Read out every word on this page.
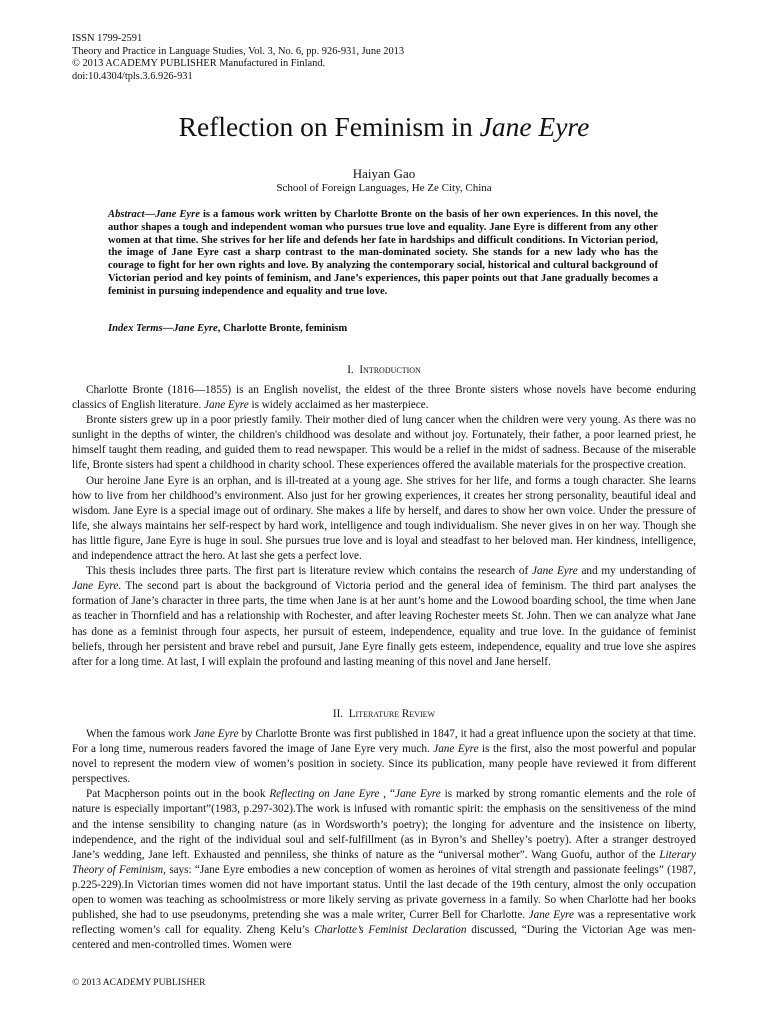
ISSN 1799-2591
Theory and Practice in Language Studies, Vol. 3, No. 6, pp. 926-931, June 2013
© 2013 ACADEMY PUBLISHER Manufactured in Finland.
doi:10.4304/tpls.3.6.926-931
Reflection on Feminism in Jane Eyre
Haiyan Gao
School of Foreign Languages, He Ze City, China
Abstract—Jane Eyre is a famous work written by Charlotte Bronte on the basis of her own experiences. In this novel, the author shapes a tough and independent woman who pursues true love and equality. Jane Eyre is different from any other women at that time. She strives for her life and defends her fate in hardships and difficult conditions. In Victorian period, the image of Jane Eyre cast a sharp contrast to the man-dominated society. She stands for a new lady who has the courage to fight for her own rights and love. By analyzing the contemporary social, historical and cultural background of Victorian period and key points of feminism, and Jane’s experiences, this paper points out that Jane gradually becomes a feminist in pursuing independence and equality and true love.
Index Terms—Jane Eyre, Charlotte Bronte, feminism
I. Introduction

Charlotte Bronte (1816—1855) is an English novelist, the eldest of the three Bronte sisters whose novels have become enduring classics of English literature. Jane Eyre is widely acclaimed as her masterpiece.

Bronte sisters grew up in a poor priestly family. Their mother died of lung cancer when the children were very young. As there was no sunlight in the depths of winter, the children's childhood was desolate and without joy. Fortunately, their father, a poor learned priest, he himself taught them reading, and guided them to read newspaper. This would be a relief in the midst of sadness. Because of the miserable life, Bronte sisters had spent a childhood in charity school. These experiences offered the available materials for the prospective creation.

Our heroine Jane Eyre is an orphan, and is ill-treated at a young age. She strives for her life, and forms a tough character. She learns how to live from her childhood’s environment. Also just for her growing experiences, it creates her strong personality, beautiful ideal and wisdom. Jane Eyre is a special image out of ordinary. She makes a life by herself, and dares to show her own voice. Under the pressure of life, she always maintains her self-respect by hard work, intelligence and tough individualism. She never gives in on her way. Though she has little figure, Jane Eyre is huge in soul. She pursues true love and is loyal and steadfast to her beloved man. Her kindness, intelligence, and independence attract the hero. At last she gets a perfect love.

This thesis includes three parts. The first part is literature review which contains the research of Jane Eyre and my understanding of Jane Eyre. The second part is about the background of Victoria period and the general idea of feminism. The third part analyses the formation of Jane’s character in three parts, the time when Jane is at her aunt’s home and the Lowood boarding school, the time when Jane as teacher in Thornfield and has a relationship with Rochester, and after leaving Rochester meets St. John. Then we can analyze what Jane has done as a feminist through four aspects, her pursuit of esteem, independence, equality and true love. In the guidance of feminist beliefs, through her persistent and brave rebel and pursuit, Jane Eyre finally gets esteem, independence, equality and true love she aspires after for a long time. At last, I will explain the profound and lasting meaning of this novel and Jane herself.

II. Literature Review

When the famous work Jane Eyre by Charlotte Bronte was first published in 1847, it had a great influence upon the society at that time. For a long time, numerous readers favored the image of Jane Eyre very much. Jane Eyre is the first, also the most powerful and popular novel to represent the modern view of women’s position in society. Since its publication, many people have reviewed it from different perspectives.

Pat Macpherson points out in the book Reflecting on Jane Eyre , “Jane Eyre is marked by strong romantic elements and the role of nature is especially important”(1983, p.297-302).The work is infused with romantic spirit: the emphasis on the sensitiveness of the mind and the intense sensibility to changing nature (as in Wordsworth’s poetry); the longing for adventure and the insistence on liberty, independence, and the right of the individual soul and self-fulfillment (as in Byron’s and Shelley’s poetry). After a stranger destroyed Jane’s wedding, Jane left. Exhausted and penniless, she thinks of nature as the “universal mother”. Wang Guofu, author of the Literary Theory of Feminism, says: “Jane Eyre embodies a new conception of women as heroines of vital strength and passionate feelings” (1987, p.225-229).In Victorian times women did not have important status. Until the last decade of the 19th century, almost the only occupation open to women was teaching as schoolmistress or more likely serving as private governess in a family. So when Charlotte had her books published, she had to use pseudonyms, pretending she was a male writer, Currer Bell for Charlotte. Jane Eyre was a representative work reflecting women’s call for equality. Zheng Kelu’s Charlotte’s Feminist Declaration discussed, “During the Victorian Age was men-centered and men-controlled times. Women were

© 2013 ACADEMY PUBLISHER
